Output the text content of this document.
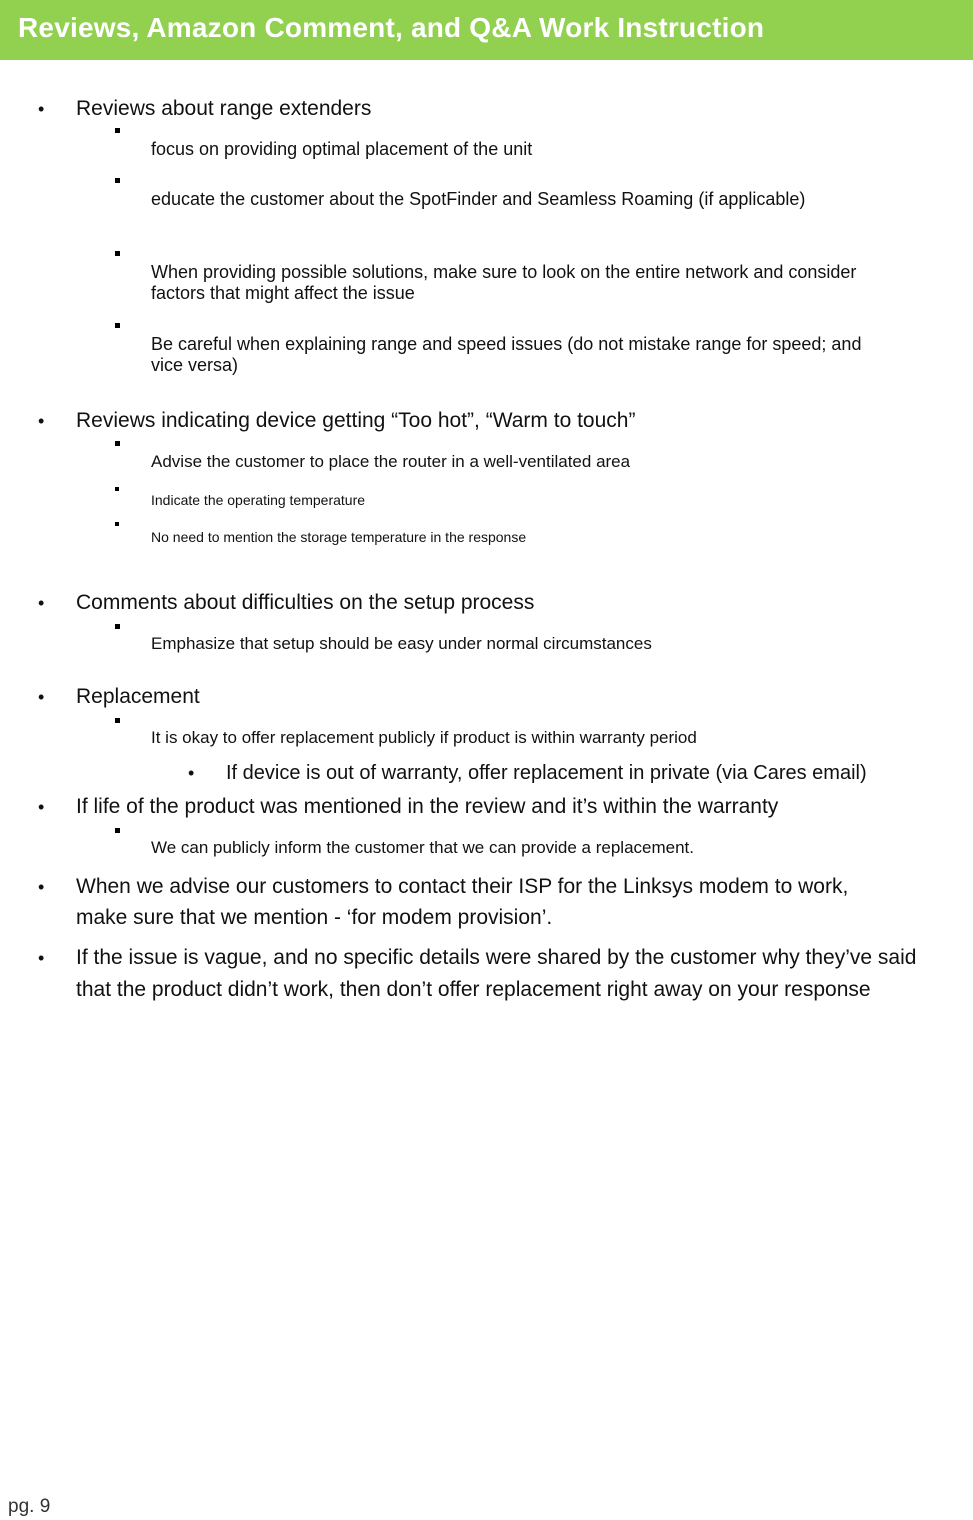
Reviews, Amazon Comment, and Q&A Work Instruction
• Reviews about range extenders
focus on providing optimal placement of the unit
educate the customer about the SpotFinder and Seamless Roaming (if applicable)
When providing possible solutions, make sure to look on the entire network and consider factors that might affect the issue
Be careful when explaining range and speed issues (do not mistake range for speed; and vice versa)
• Reviews indicating device getting “Too hot”, “Warm to touch”
Advise the customer to place the router in a well-ventilated area
Indicate the operating temperature
No need to mention the storage temperature in the response
• Comments about difficulties on the setup process
Emphasize that setup should be easy under normal circumstances
• Replacement
It is okay to offer replacement publicly if product is within warranty period
• If device is out of warranty, offer replacement in private (via Cares email)
• If life of the product was mentioned in the review and it’s within the warranty
We can publicly inform the customer that we can provide a replacement.
• When we advise our customers to contact their ISP for the Linksys modem to work, make sure that we mention - ‘for modem provision’.
• If the issue is vague, and no specific details were shared by the customer why they’ve said that the product didn’t work, then don’t offer replacement right away on your response
pg. 9
